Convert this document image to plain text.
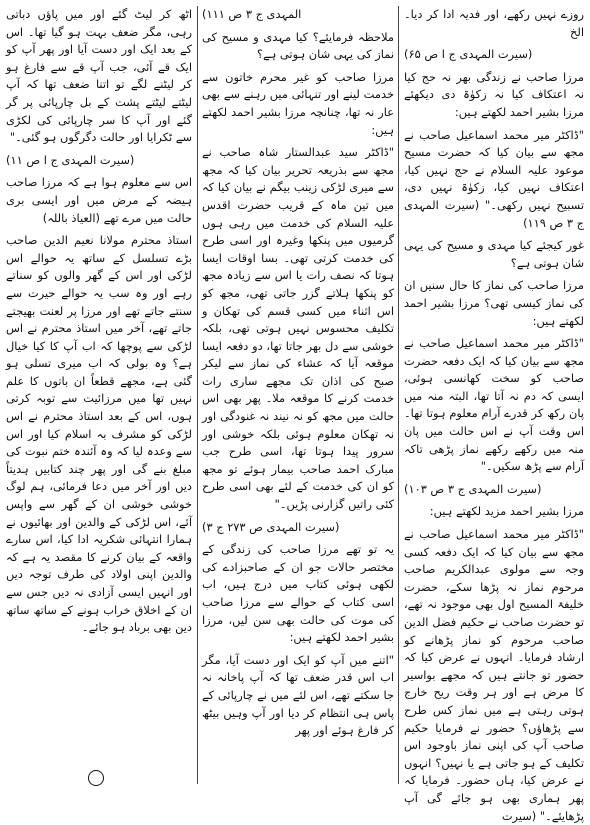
روزے نہیں رکھے، اور فدیہ ادا کر دیا۔ الخ

(سیرت المہدی ج ا ص ۶۵)

مرزا صاحب نے زندگی بھر نہ حج کیا نہ اعتکاف کیا نہ زکوٰۃ دی دیکھئے مرزا بشیر احمد لکھتے ہیں:

"ڈاکٹر میر محمد اسماعیل صاحب نے مجھ سے بیان کیا کہ حضرت مسیح موعود علیہ السلام نے حج نہیں کیا، اعتکاف نہیں کیا، زکوٰۃ نہیں دی، تسبیح نہیں رکھی۔" (سیرت المہدی ج ۳ ص ۱۱۹)

غور کیجئے کیا مہدی و مسیح کی یہی شان ہوتی ہے؟

مرزا صاحب کی نماز کا حال سنیں ان کی نماز کیسی تھی؟ مرزا بشیر احمد لکھتے ہیں:

"ڈاکٹر میر محمد اسماعیل صاحب نے مجھ سے بیان کیا کہ ایک دفعہ حضرت صاحب کو سخت کھانسی ہوئی، ایسی کہ دم نہ آتا تھا، البتہ منہ میں پان رکھ کر قدرے آرام معلوم ہوتا تھا۔ اس وقت آپ نے اس حالت میں پان منہ میں رکھے رکھے نماز پڑھی تاکہ آرام سے پڑھ سکیں۔"

(سیرت المہدی ج ۳ ص ۱۰۳)

مرزا بشیر احمد مزید لکھتے ہیں:

"ڈاکٹر میر محمد اسماعیل صاحب نے مجھ سے بیان کیا کہ ایک دفعہ کسی وجہ سے مولوی عبدالکریم صاحب مرحوم نماز نہ پڑھا سکے، حضرت خلیفۃ المسیح اول بھی موجود نہ تھے، تو حضرت صاحب نے حکیم فضل الدین صاحب مرحوم کو نماز پڑھانے کو ارشاد فرمایا۔ انہوں نے عرض کیا کہ حضور تو جانتے ہیں کہ مجھے بواسیر کا مرض ہے اور ہر وقت ریح خارج ہوتی رہتی ہے میں نماز کس طرح سے پڑھاؤں؟ حضور نے فرمایا حکیم صاحب آپ کی اپنی نماز باوجود اس تکلیف کے ہو جاتی ہے یا نہیں؟ انہوں نے عرض کیا، ہاں حضور۔ فرمایا کہ پھر ہماری بھی ہو جائے گی آپ پڑھایئے۔" (سیرت

المہدی ج ۳ ص ۱۱۱)

ملاحظہ فرمایئے؟ کیا مہدی و مسیح کی نماز کی یہی شان ہوتی ہے؟

مرزا صاحب کو غیر محرم خاتون سے خدمت لینے اور تنہائی میں رہنے سے بھی عار نہ تھا، چنانچہ مرزا بشیر احمد لکھتے ہیں:

"ڈاکٹر سید عبدالستار شاہ صاحب نے مجھ سے بذریعہ تحریر بیان کیا کہ مجھ سے میری لڑکی زینب بیگم نے بیان کیا کہ میں تین ماہ کے قریب حضرت اقدس علیہ السلام کی خدمت میں رہی ہوں گرمیوں میں پنکھا وغیرہ اور اسی طرح کی خدمت کرتی تھی۔ بسا اوقات ایسا ہوتا کہ نصف رات یا اس سے زیادہ مجھ کو پنکھا ہلاتے گزر جاتی تھی، مجھ کو اس اثناء میں کسی قسم کی تھکان و تکلیف محسوس نہیں ہوتی تھی، بلکہ خوشی سے دل بھر جاتا تھا، دو دفعہ ایسا موقعہ آیا کہ عشاء کی نماز سے لیکر صبح کی اذان تک مجھے ساری رات خدمت کرنے کا موقعہ ملا۔ پھر بھی اس حالت میں مجھ کو نہ نیند نہ غنودگی اور نہ تھکان معلوم ہوئی بلکہ خوشی اور سرور پیدا ہوتا تھا، اسی طرح جب مبارک احمد صاحب بیمار ہوئے تو مجھ کو ان کی خدمت کے لئے بھی اسی طرح کئی راتیں گزارنی پڑیں۔"

(سیرت المہدی ص ۲۷۳ ج ۳)

یہ تو تھے مرزا صاحب کی زندگی کے مختصر حالات جو ان کے صاحبزادے کی لکھی ہوئی کتاب میں درج ہیں، اب اسی کتاب کے حوالے سے مرزا صاحب کی موت کی حالت بھی سن لیں، مرزا بشیر احمد لکھتے ہیں:

"اتنے میں آپ کو ایک اور دست آیا، مگر اب اس قدر ضعف تھا کہ آپ پاخانہ نہ جا سکتے تھے، اس لئے میں نے چارپائی کے پاس ہی انتظام کر دیا اور آپ وہیں بیٹھ کر فارغ ہوئے اور پھر

اٹھ کر لیٹ گئے اور میں پاؤں دباتی رہی، مگر ضعف بہت ہو گیا تھا۔ اس کے بعد ایک اور دست آیا اور پھر آپ کو ایک قے آئی، جب آپ قے سے فارغ ہو کر لیٹنے لگے تو اتنا ضعف تھا کہ آپ لیٹتے لیٹتے پشت کے بل چارپائی پر گر گئے اور آپ کا سر چارپائی کی لکڑی سے ٹکرایا اور حالت دگرگوں ہو گئی۔"

(سیرت المہدی ج ا ص ۱۱)

اس سے معلوم ہوا ہے کہ مرزا صاحب ہیضہ کے مرض میں اور ایسی بری حالت میں مرے تھے (العیاذ باللہ)

استاذ محترم مولانا نعیم الدین صاحب بڑے تسلسل کے ساتھ یہ حوالے اس لڑکی اور اس کے گھر والوں کو سناتے رہے اور وہ سب یہ حوالے حیرت سے سنتے جاتے تھے اور مرزا پر لعنت بھیجتے جاتے تھے، آخر میں استاذ محترم نے اس لڑکی سے پوچھا کہ اب آپ کا کیا خیال ہے؟ وہ بولی کہ اب میری تسلی ہو گئی ہے، مجھے قطعاً ان باتوں کا علم نہیں تھا میں مرزائیت سے توبہ کرتی ہوں، اس کے بعد استاذ محترم نے اس لڑکی کو مشرف بہ اسلام کیا اور اس سے وعدہ لیا کہ وہ آئندہ ختم نبوت کی مبلغ بنے گی اور پھر چند کتابیں ہدیتاً دیں اور آخر میں دعا فرمائی، ہم لوگ خوشی خوشی ان کے گھر سے واپس آئے، اس لڑکی کے والدین اور بھائیوں نے ہمارا انتہائی شکریہ ادا کیا، اس سارے واقعہ کے بیان کرنے کا مقصد یہ ہے کہ والدین اپنی اولاد کی طرف توجہ دیں اور انہیں ایسی آزادی نہ دیں جس سے ان کے اخلاق خراب ہونے کے ساتھ ساتھ دین بھی برباد ہو جائے۔
